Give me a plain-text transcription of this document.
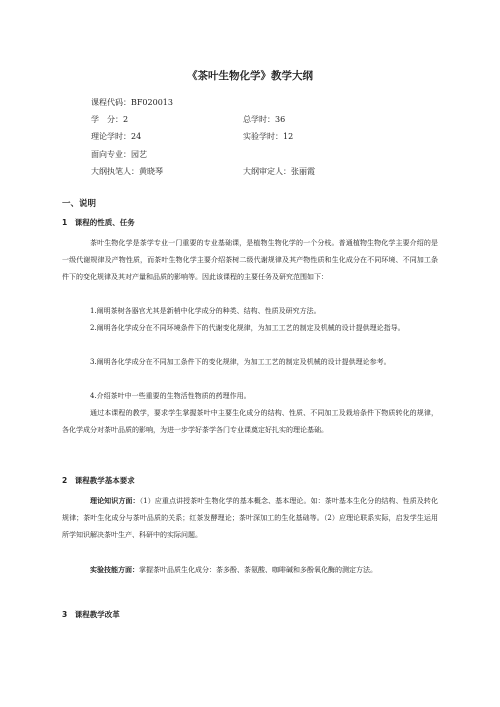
《茶叶生物化学》教学大纲
课程代码：BF020013
学　分：2	总学时：36
理论学时：24	实验学时：12
面向专业：园艺
大纲执笔人：黄晓琴	大纲审定人：张丽霞
一、说明
1　课程的性质、任务

茶叶生物化学是茶学专业一门重要的专业基础课，是植物生物化学的一个分枝。普通植物生物化学主要介绍的是一级代谢规律及产物性质，而茶叶生物化学主要介绍茶树二级代谢规律及其产物性质和生化成分在不同环境、不同加工条件下的变化规律及其对产量和品质的影响等。因此该课程的主要任务及研究范围如下：

1.阐明茶树各器官尤其是新梢中化学成分的种类、结构、性质及研究方法。

2.阐明各化学成分在不同环境条件下的代谢变化规律，为加工工艺的制定及机械的设计提供理论指导。

3.阐明各化学成分在不同加工条件下的变化规律，为加工工艺的制定及机械的设计提供理论参考。

4.介绍茶叶中一些重要的生物活性物质的药理作用。

通过本课程的教学，要求学生掌握茶叶中主要生化成分的结构、性质、不同加工及栽培条件下物质转化的规律，各化学成分对茶叶品质的影响，为进一步学好茶学各门专业课奠定好扎实的理论基础。

2　课程教学基本要求

理论知识方面：（1）应重点讲授茶叶生物化学的基本概念、基本理论。如：茶叶基本生化分的结构、性质及转化规律；茶叶生化成分与茶叶品质的关系；红茶发酵理论；茶叶深加工的生化基础等。（2）应理论联系实际，启发学生运用所学知识解决茶叶生产、科研中的实际问题。

实验技能方面：掌握茶叶品质生化成分：茶多酚、茶氨酸、咖啡碱和多酚氧化酶的测定方法。

3　课程教学改革
